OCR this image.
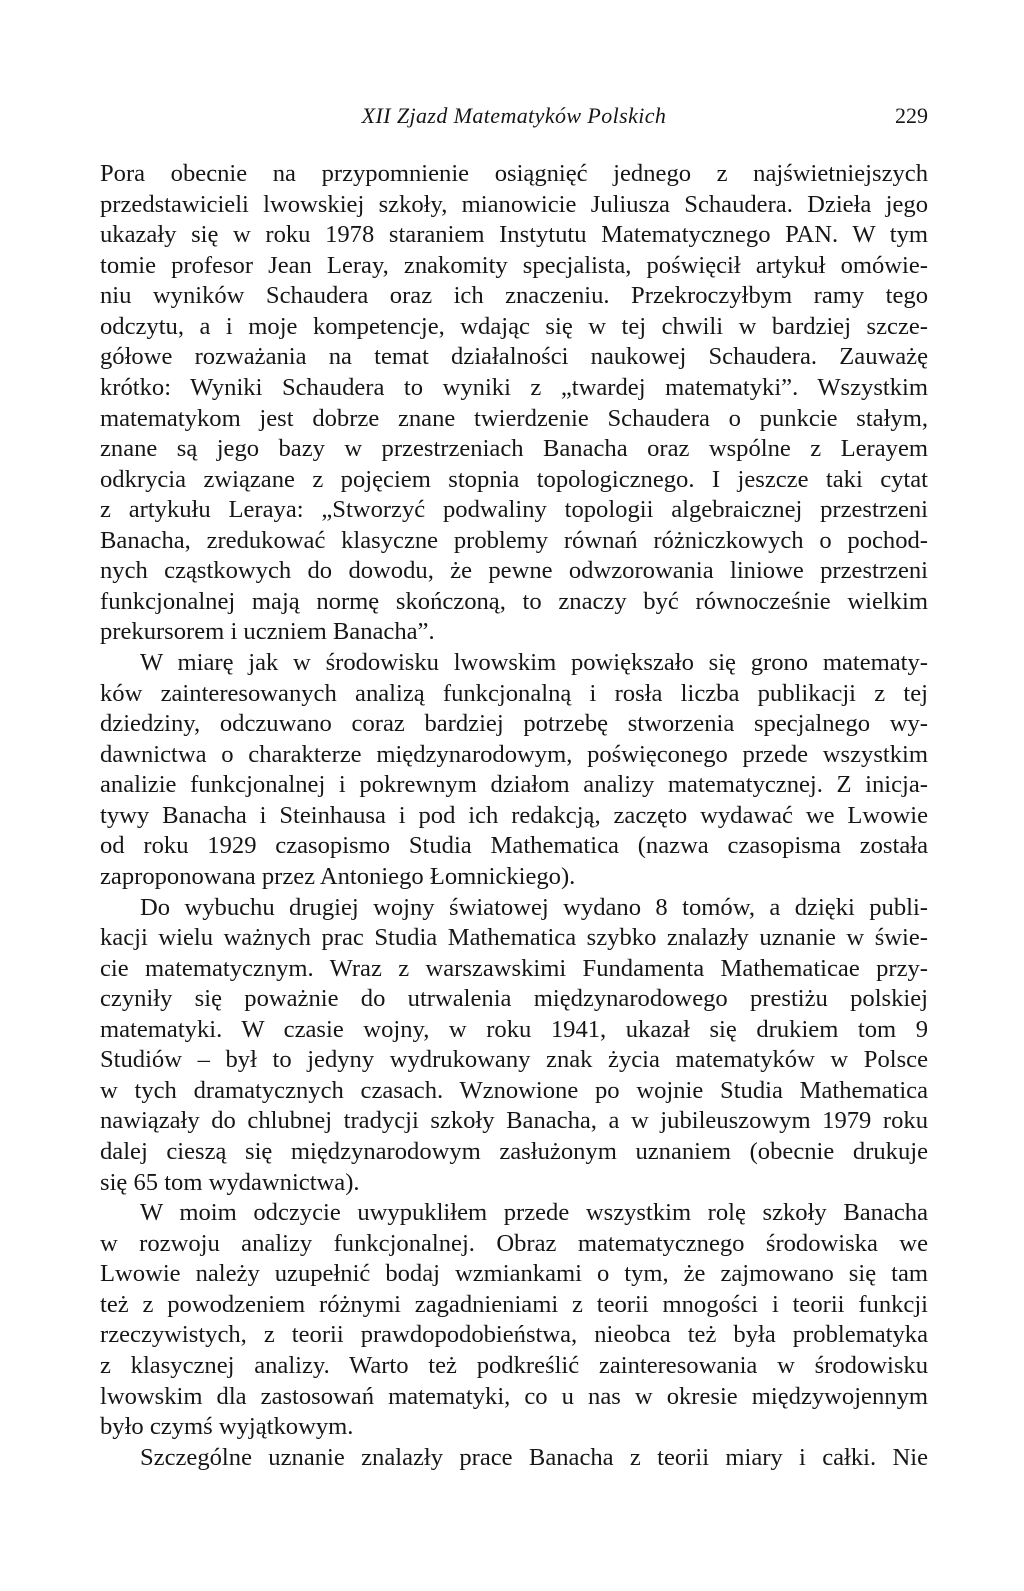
XII Zjazd Matematyków Polskich	229
Pora obecnie na przypomnienie osiągnięć jednego z najświetniejszych
przedstawicieli lwowskiej szkoły, mianowicie Juliusza Schaudera. Dzieła jego
ukazały się w roku 1978 staraniem Instytutu Matematycznego PAN. W tym
tomie profesor Jean Leray, znakomity specjalista, poświęcił artykuł omówie-
niu wyników Schaudera oraz ich znaczeniu. Przekroczyłbym ramy tego
odczytu, a i moje kompetencje, wdając się w tej chwili w bardziej szcze-
gółowe rozważania na temat działalności naukowej Schaudera. Zauważę
krótko: Wyniki Schaudera to wyniki z „twardej matematyki”. Wszystkim
matematykom jest dobrze znane twierdzenie Schaudera o punkcie stałym,
znane są jego bazy w przestrzeniach Banacha oraz wspólne z Lerayem
odkrycia związane z pojęciem stopnia topologicznego. I jeszcze taki cytat
z artykułu Leraya: „Stworzyć podwaliny topologii algebraicznej przestrzeni
Banacha, zredukować klasyczne problemy równań różniczkowych o pochod-
nych cząstkowych do dowodu, że pewne odwzorowania liniowe przestrzeni
funkcjonalnej mają normę skończoną, to znaczy być równocześnie wielkim
prekursorem i uczniem Banacha”.
W miarę jak w środowisku lwowskim powiększało się grono matematy-
ków zainteresowanych analizą funkcjonalną i rosła liczba publikacji z tej
dziedziny, odczuwano coraz bardziej potrzebę stworzenia specjalnego wy-
dawnictwa o charakterze międzynarodowym, poświęconego przede wszystkim
analizie funkcjonalnej i pokrewnym działom analizy matematycznej. Z inicja-
tywy Banacha i Steinhausa i pod ich redakcją, zaczęto wydawać we Lwowie
od roku 1929 czasopismo Studia Mathematica (nazwa czasopisma została
zaproponowana przez Antoniego Łomnickiego).
Do wybuchu drugiej wojny światowej wydano 8 tomów, a dzięki publi-
kacji wielu ważnych prac Studia Mathematica szybko znalazły uznanie w świe-
cie matematycznym. Wraz z warszawskimi Fundamenta Mathematicae przy-
czyniły się poważnie do utrwalenia międzynarodowego prestiżu polskiej
matematyki. W czasie wojny, w roku 1941, ukazał się drukiem tom 9
Studiów – był to jedyny wydrukowany znak życia matematyków w Polsce
w tych dramatycznych czasach. Wznowione po wojnie Studia Mathematica
nawiązały do chlubnej tradycji szkoły Banacha, a w jubileuszowym 1979 roku
dalej cieszą się międzynarodowym zasłużonym uznaniem (obecnie drukuje
się 65 tom wydawnictwa).
W moim odczycie uwypukliłem przede wszystkim rolę szkoły Banacha
w rozwoju analizy funkcjonalnej. Obraz matematycznego środowiska we
Lwowie należy uzupełnić bodaj wzmiankami o tym, że zajmowano się tam
też z powodzeniem różnymi zagadnieniami z teorii mnogości i teorii funkcji
rzeczywistych, z teorii prawdopodobieństwa, nieobca też była problematyka
z klasycznej analizy. Warto też podkreślić zainteresowania w środowisku
lwowskim dla zastosowań matematyki, co u nas w okresie międzywojennym
było czymś wyjątkowym.
Szczególne uznanie znalazły prace Banacha z teorii miary i całki. Nie
